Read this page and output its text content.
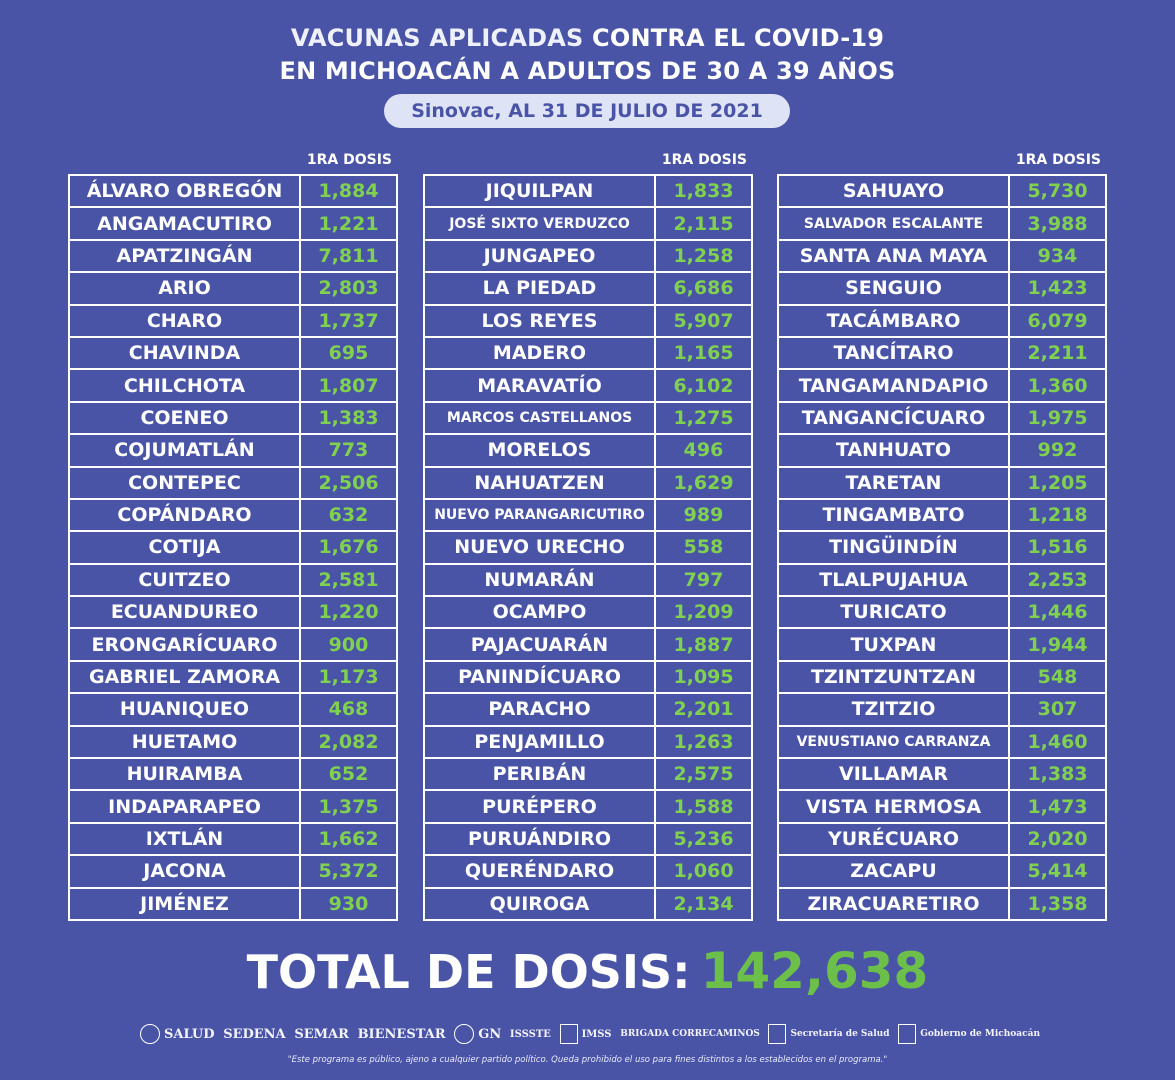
VACUNAS APLICADAS CONTRA EL COVID-19
EN MICHOACÁN A ADULTOS DE 30 A 39 AÑOS
Sinovac, AL 31 DE JULIO DE 2021
1RA DOSIS
ÁLVARO OBREGÓN	1,884
ANGAMACUTIRO	1,221
APATZINGÁN	7,811
ARIO	2,803
CHARO	1,737
CHAVINDA	695
CHILCHOTA	1,807
COENEO	1,383
COJUMATLÁN	773
CONTEPEC	2,506
COPÁNDARO	632
COTIJA	1,676
CUITZEO	2,581
ECUANDUREO	1,220
ERONGARÍCUARO	900
GABRIEL ZAMORA	1,173
HUANIQUEO	468
HUETAMO	2,082
HUIRAMBA	652
INDAPARAPEO	1,375
IXTLÁN	1,662
JACONA	5,372
JIMÉNEZ	930
1RA DOSIS
JIQUILPAN	1,833
JOSÉ SIXTO VERDUZCO	2,115
JUNGAPEO	1,258
LA PIEDAD	6,686
LOS REYES	5,907
MADERO	1,165
MARAVATÍO	6,102
MARCOS CASTELLANOS	1,275
MORELOS	496
NAHUATZEN	1,629
NUEVO PARANGARICUTIRO	989
NUEVO URECHO	558
NUMARÁN	797
OCAMPO	1,209
PAJACUARÁN	1,887
PANINDÍCUARO	1,095
PARACHO	2,201
PENJAMILLO	1,263
PERIBÁN	2,575
PURÉPERO	1,588
PURUÁNDIRO	5,236
QUERÉNDARO	1,060
QUIROGA	2,134
1RA DOSIS
SAHUAYO	5,730
SALVADOR ESCALANTE	3,988
SANTA ANA MAYA	934
SENGUIO	1,423
TACÁMBARO	6,079
TANCÍTARO	2,211
TANGAMANDAPIO	1,360
TANGANCÍCUARO	1,975
TANHUATO	992
TARETAN	1,205
TINGAMBATO	1,218
TINGÜINDÍN	1,516
TLALPUJAHUA	2,253
TURICATO	1,446
TUXPAN	1,944
TZINTZUNTZAN	548
TZITZIO	307
VENUSTIANO CARRANZA	1,460
VILLAMAR	1,383
VISTA HERMOSA	1,473
YURÉCUARO	2,020
ZACAPU	5,414
ZIRACUARETIRO	1,358
TOTAL DE DOSIS: 142,638
SALUD SEDENA SEMAR BIENESTAR	GN ISSSTE	IMSS BRIGADA CORRECAMINOS	Secretaría de Salud	Gobierno de Michoacán
"Este programa es público, ajeno a cualquier partido político. Queda prohibido el uso para fines distintos a los establecidos en el programa."
